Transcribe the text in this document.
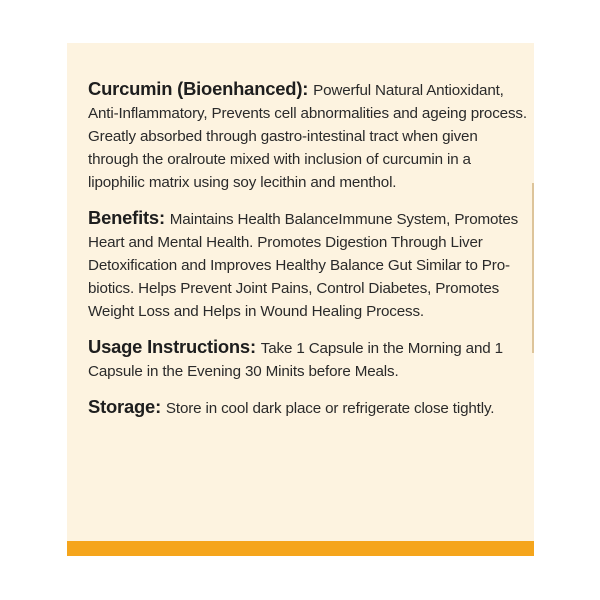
Curcumin (Bioenhanced): Powerful Natural Antioxidant, Anti-Inflammatory, Prevents cell abnormalities and ageing process. Greatly absorbed through gastro-intestinal tract when given through the oralroute mixed with inclusion of curcumin in a lipophilic matrix using soy lecithin and menthol.

Benefits: Maintains Health BalanceImmune System, Promotes Heart and Mental Health. Promotes Digestion Through Liver Detoxification and Improves Healthy Balance Gut Similar to Pro-biotics. Helps Prevent Joint Pains, Control Diabetes, Promotes Weight Loss and Helps in Wound Healing Process.

Usage Instructions: Take 1 Capsule in the Morning and 1 Capsule in the Evening 30 Minits before Meals.

Storage: Store in cool dark place or refrigerate close tightly.
